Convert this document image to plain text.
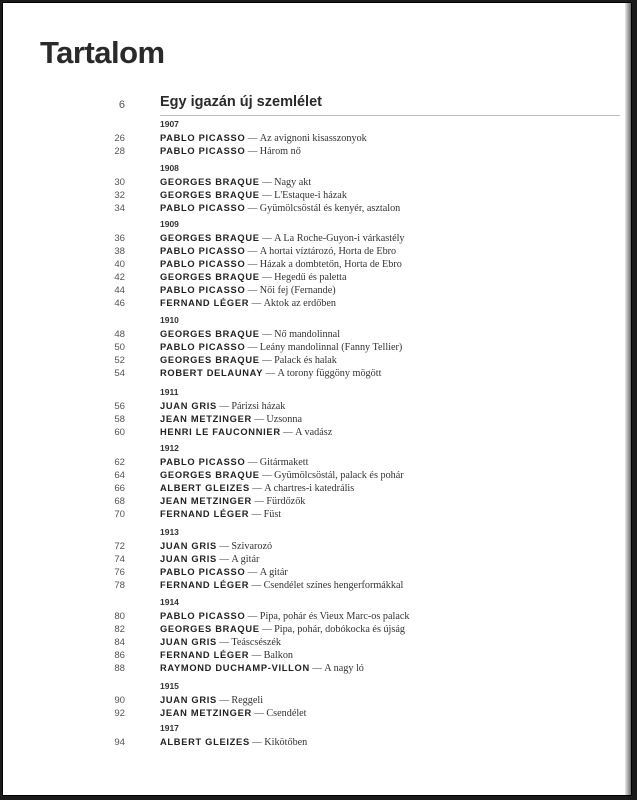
Tartalom
6 Egy igazán új szemlélet
1907
26	PABLO PICASSO — Az avignoni kisasszonyok
28	PABLO PICASSO — Három nő
1908
30	GEORGES BRAQUE — Nagy akt
32	GEORGES BRAQUE — L'Estaque-i házak
34	PABLO PICASSO — Gyümölcsöstál és kenyér, asztalon
1909
36	GEORGES BRAQUE — A La Roche-Guyon-i várkastély
38	PABLO PICASSO — A hortai víztározó, Horta de Ebro
40	PABLO PICASSO — Házak a dombtetőn, Horta de Ebro
42	GEORGES BRAQUE — Hegedű és paletta
44	PABLO PICASSO — Női fej (Fernande)
46	FERNAND LÉGER — Aktok az erdőben
1910
48	GEORGES BRAQUE — Nő mandolinnal
50	PABLO PICASSO — Leány mandolinnal (Fanny Tellier)
52	GEORGES BRAQUE — Palack és halak
54	ROBERT DELAUNAY — A torony függöny mögött
1911
56	JUAN GRIS — Párizsi házak
58	JEAN METZINGER — Uzsonna
60	HENRI LE FAUCONNIER — A vadász
1912
62	PABLO PICASSO — Gitármakett
64	GEORGES BRAQUE — Gyümölcsöstál, palack és pohár
66	ALBERT GLEIZES — A chartres-i katedrális
68	JEAN METZINGER — Fürdőzők
70	FERNAND LÉGER — Füst
1913
72	JUAN GRIS — Szivarozó
74	JUAN GRIS — A gitár
76	PABLO PICASSO — A gitár
78	FERNAND LÉGER — Csendélet színes hengerformákkal
1914
80	PABLO PICASSO — Pipa, pohár és Vieux Marc-os palack
82	GEORGES BRAQUE — Pipa, pohár, dobókocka és újság
84	JUAN GRIS — Teáscsészék
86	FERNAND LÉGER — Balkon
88	RAYMOND DUCHAMP-VILLON — A nagy ló
1915
90	JUAN GRIS — Reggeli
92	JEAN METZINGER — Csendélet
1917
94	ALBERT GLEIZES — Kikötőben
